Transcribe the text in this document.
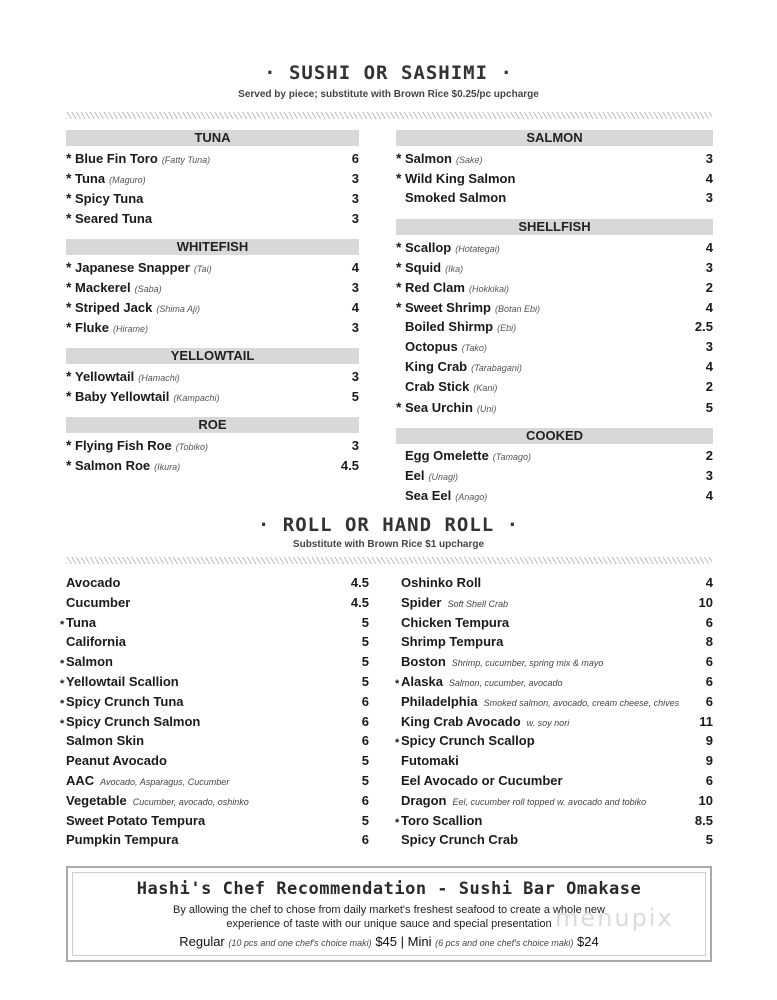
· SUSHI OR SASHIMI ·
Served by piece; substitute with Brown Rice $0.25/pc upcharge
TUNA
* Blue Fin Toro (Fatty Tuna)	6
* Tuna (Maguro)	3
* Spicy Tuna	3
* Seared Tuna	3
WHITEFISH
* Japanese Snapper (Tai)	4
* Mackerel (Saba)	3
* Striped Jack (Shima Aji)	4
* Fluke (Hirame)	3
YELLOWTAIL
* Yellowtail (Hamachi)	3
* Baby Yellowtail (Kampachi)	5
ROE
* Flying Fish Roe (Tobiko)	3
* Salmon Roe (Ikura)	4.5
SALMON
* Salmon (Sake)	3
* Wild King Salmon	4
Smoked Salmon	3
SHELLFISH
* Scallop (Hotategai)	4
* Squid (Ika)	3
* Red Clam (Hokkikai)	2
* Sweet Shrimp (Botan Ebi)	4
Boiled Shirmp (Ebi)	2.5
Octopus (Tako)	3
King Crab (Tarabagani)	4
Crab Stick (Kani)	2
* Sea Urchin (Uni)	5
COOKED
Egg Omelette (Tamago)	2
Eel (Unagi)	3
Sea Eel (Anago)	4
· ROLL OR HAND ROLL ·
Substitute with Brown Rice $1 upcharge
Avocado	4.5
Cucumber	4.5
* Tuna	5
California	5
* Salmon	5
* Yellowtail Scallion	5
* Spicy Crunch Tuna	6
* Spicy Crunch Salmon	6
Salmon Skin	6
Peanut Avocado	5
AAC Avocado, Asparagus, Cucumber	5
Vegetable Cucumber, avocado, oshinko	6
Sweet Potato Tempura	5
Pumpkin Tempura	6
Oshinko Roll	4
Spider Soft Shell Crab	10
Chicken Tempura	6
Shrimp Tempura	8
Boston Shrimp, cucumber, spring mix & mayo	6
* Alaska Salmon, cucumber, avocado	6
Philadelphia Smoked salmon, avocado, cream cheese, chives 6
King Crab Avocado w. soy nori	11
* Spicy Crunch Scallop	9
Futomaki	9
Eel Avocado or Cucumber	6
Dragon Eel, cucumber roll topped w. avocado and tobiko	10
* Toro Scallion	8.5
Spicy Crunch Crab	5
Hashi's Chef Recommendation - Sushi Bar Omakase
By allowing the chef to chose from daily market's freshest seafood to create a whole new experience of taste with our unique sauce and special presentation
Regular (10 pcs and one chef's choice maki) $45 | Mini (6 pcs and one chef's choice maki) $24
menupix
